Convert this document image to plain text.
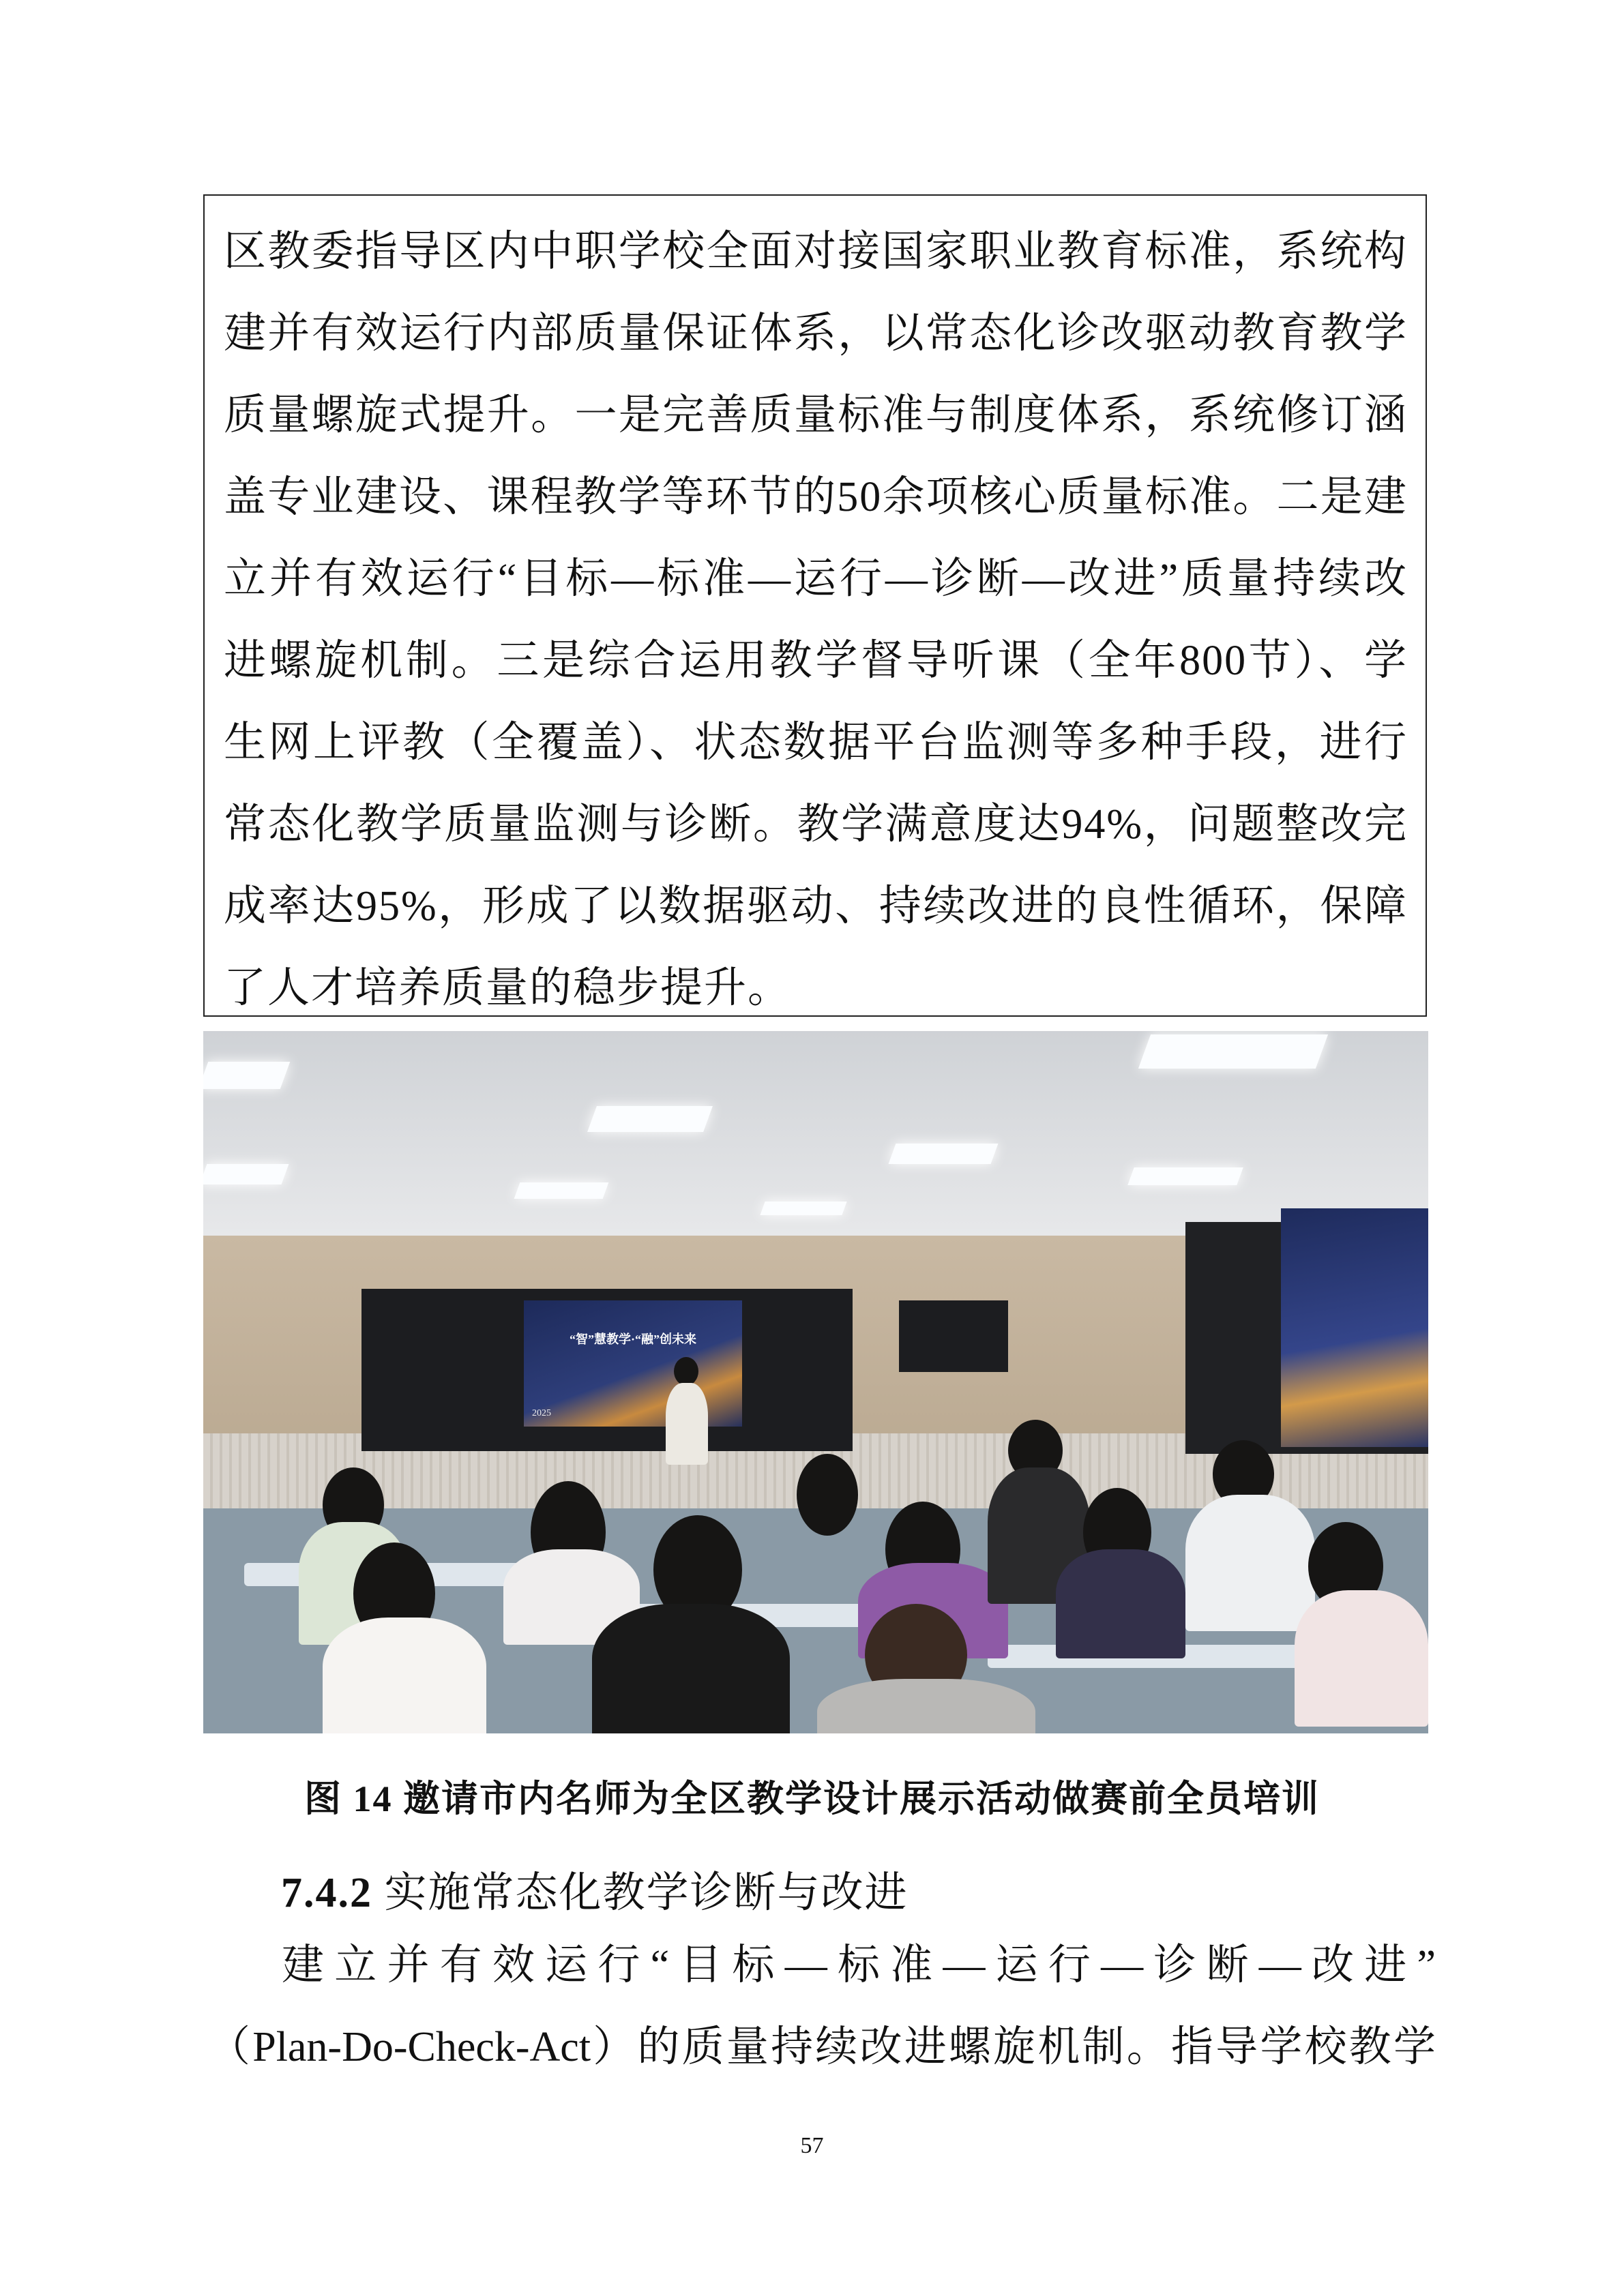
区教委指导区内中职学校全面对接国家职业教育标准，系统构
建并有效运行内部质量保证体系，以常态化诊改驱动教育教学
质量螺旋式提升。一是完善质量标准与制度体系，系统修订涵
盖专业建设、课程教学等环节的50余项核心质量标准。二是建
立并有效运行“目标—标准—运行—诊断—改进”质量持续改
进螺旋机制。三是综合运用教学督导听课（全年800节）、学
生网上评教（全覆盖）、状态数据平台监测等多种手段，进行
常态化教学质量监测与诊断。教学满意度达94%，问题整改完
成率达95%，形成了以数据驱动、持续改进的良性循环，保障
了人才培养质量的稳步提升。
“智”慧教学·“融”创未来
2025
图 14 邀请市内名师为全区教学设计展示活动做赛前全员培训
7.4.2 实施常态化教学诊断与改进
建立并有效运行“目标—标准—运行—诊断—改进”
（Plan-Do-Check-Act）的质量持续改进螺旋机制。指导学校教学
57
